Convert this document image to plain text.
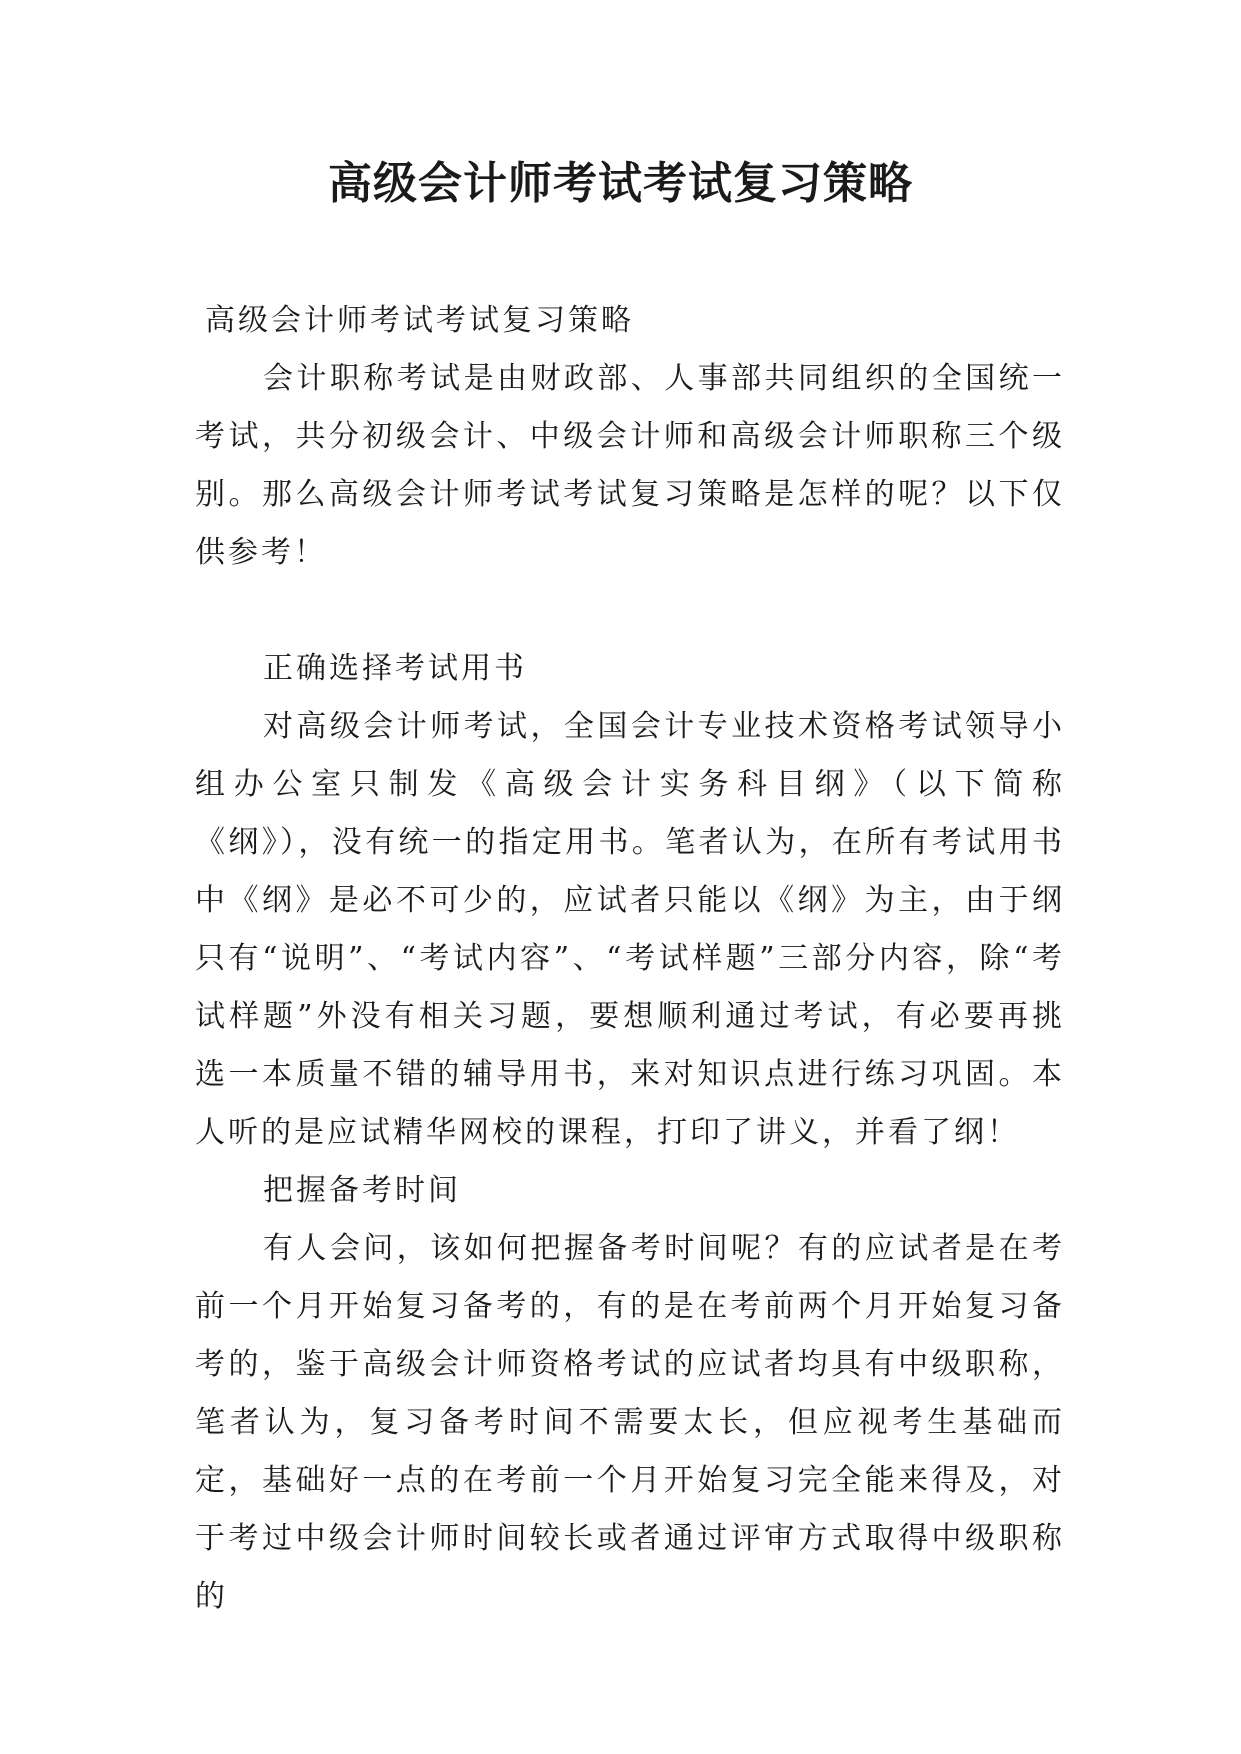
高级会计师考试考试复习策略

高级会计师考试考试复习策略

会计职称考试是由财政部、人事部共同组织的全国统一考试，共分初级会计、中级会计师和高级会计师职称三个级别。那么高级会计师考试考试复习策略是怎样的呢？以下仅供参考！

正确选择考试用书

对高级会计师考试，全国会计专业技术资格考试领导小组办公室只制发《高级会计实务科目纲》（以下简称《纲》），没有统一的指定用书。笔者认为，在所有考试用书中《纲》是必不可少的，应试者只能以《纲》为主，由于纲只有“说明”、“考试内容”、“考试样题”三部分内容，除“考试样题”外没有相关习题，要想顺利通过考试，有必要再挑选一本质量不错的辅导用书，来对知识点进行练习巩固。本人听的是应试精华网校的课程，打印了讲义，并看了纲！

把握备考时间

有人会问，该如何把握备考时间呢？有的应试者是在考前一个月开始复习备考的，有的是在考前两个月开始复习备考的，鉴于高级会计师资格考试的应试者均具有中级职称，笔者认为，复习备考时间不需要太长，但应视考生基础而定，基础好一点的在考前一个月开始复习完全能来得及，对于考过中级会计师时间较长或者通过评审方式取得中级职称的
